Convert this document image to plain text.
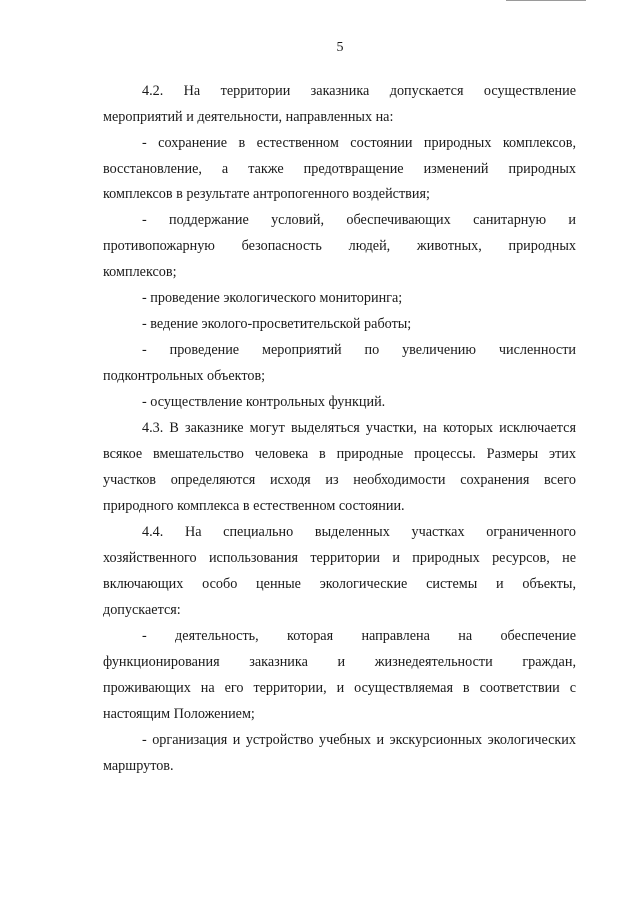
5
4.2. На территории заказника допускается осуществление
мероприятий и деятельности, направленных на:
- сохранение в естественном состоянии природных комплексов,
восстановление, а также предотвращение изменений природных
комплексов в результате антропогенного воздействия;
- поддержание условий, обеспечивающих санитарную и
противопожарную безопасность людей, животных, природных
комплексов;
- проведение экологического мониторинга;
- ведение эколого-просветительской работы;
- проведение мероприятий по увеличению численности
подконтрольных объектов;
- осуществление контрольных функций.
4.3. В заказнике могут выделяться участки, на которых исключается
всякое вмешательство человека в природные процессы. Размеры этих
участков определяются исходя из необходимости сохранения всего
природного комплекса в естественном состоянии.
4.4. На специально выделенных участках ограниченного
хозяйственного использования территории и природных ресурсов, не
включающих особо ценные экологические системы и объекты,
допускается:
- деятельность, которая направлена на обеспечение
функционирования заказника и жизнедеятельности граждан,
проживающих на его территории, и осуществляемая в соответствии с
настоящим Положением;
- организация и устройство учебных и экскурсионных экологических
маршрутов.
